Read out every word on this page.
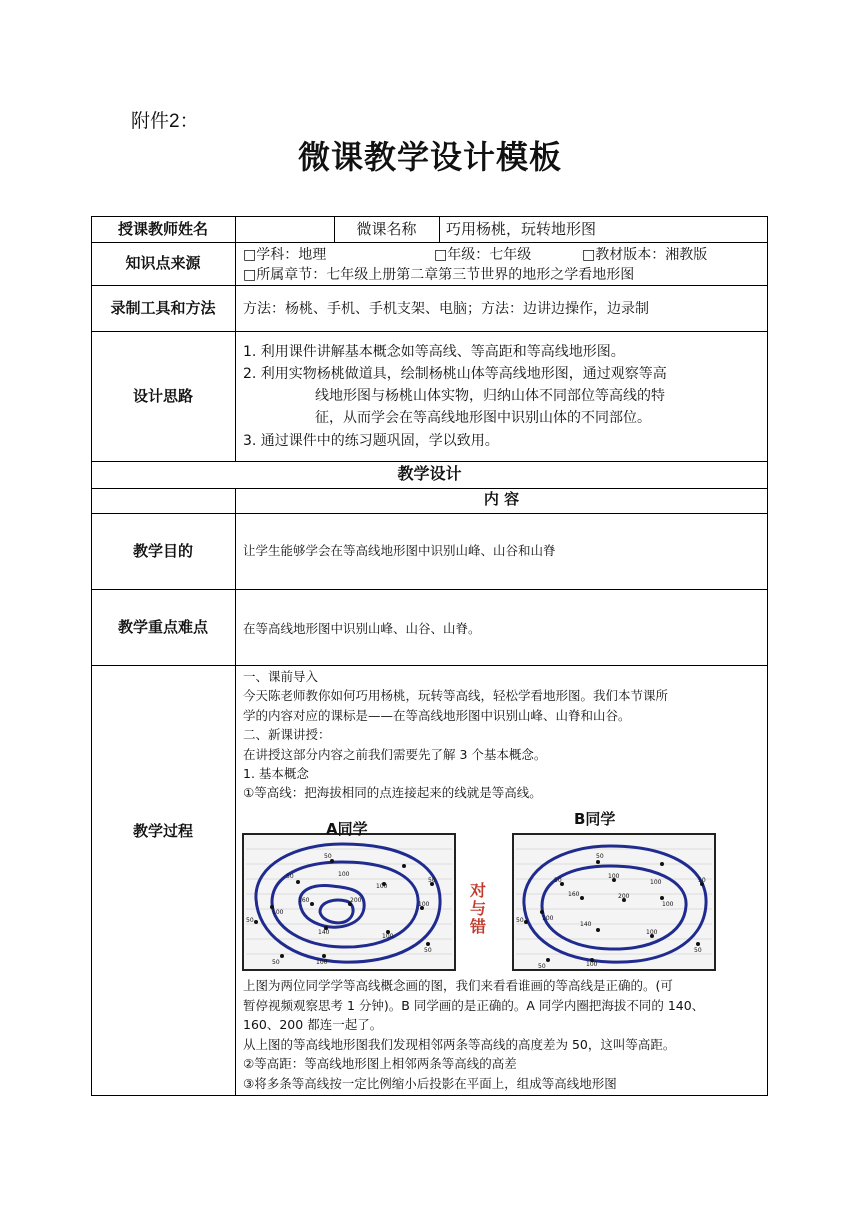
附件2：
微课教学设计模板
授课教师姓名	微课名称	巧用杨桃，玩转地形图
知识点来源	□学科：地理	□年级：七年级	□教材版本：湘教版
□所属章节：七年级上册第二章第三节世界的地形之学看地形图
录制工具和方法	方法：杨桃、手机、手机支架、电脑；方法：边讲边操作，边录制
设计思路
1. 利用课件讲解基本概念如等高线、等高距和等高线地形图。
2. 利用实物杨桃做道具，绘制杨桃山体等高线地形图，通过观察等高
线地形图与杨桃山体实物，归纳山体不同部位等高线的特
征，从而学会在等高线地形图中识别山体的不同部位。
3. 通过课件中的练习题巩固，学以致用。
教学设计
内 容
教学目的	让学生能够学会在等高线地形图中识别山峰、山谷和山脊
教学重点难点	在等高线地形图中识别山峰、山谷、山脊。
教学过程
一、课前导入
今天陈老师教你如何巧用杨桃，玩转等高线，轻松学看地形图。我们本节课所
学的内容对应的课标是——在等高线地形图中识别山峰、山脊和山谷。
二、新课讲授：
在讲授这部分内容之前我们需要先了解 3 个基本概念。
1. 基本概念
①等高线：把海拔相同的点连接起来的线就是等高线。
A同学
50
100
50
100
50
100
160	200
100
140
100
50
100
50
50
对
与
错
B同学
50
100
50	100	50
100
160	200
100
140
100
50
100
50
50
上图为两位同学学等高线概念画的图，我们来看看谁画的等高线是正确的。(可
暂停视频观察思考 1 分钟)。B 同学画的是正确的。A 同学内圈把海拔不同的 140、
160、200 都连一起了。
从上图的等高线地形图我们发现相邻两条等高线的高度差为 50，这叫等高距。
②等高距：等高线地形图上相邻两条等高线的高差
③将多条等高线按一定比例缩小后投影在平面上，组成等高线地形图
